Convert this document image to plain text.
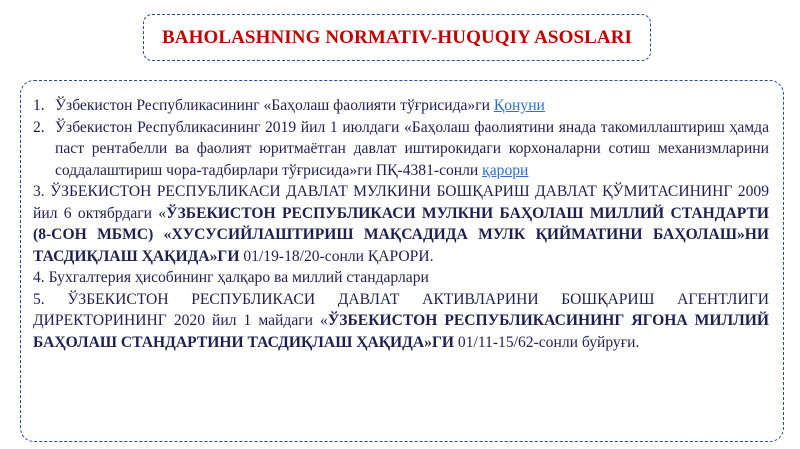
BAHOLASHNING NORMATIV-HUQUQIY ASOSLARI
1. Ўзбекистон Республикасининг «Баҳолаш фаолияти тўғрисида»ги Қонуни
2. Ўзбекистон Республикасининг 2019 йил 1 июлдаги «Баҳолаш фаолиятини янада такомиллаштириш ҳамда паст рентабелли ва фаолият юритмаётган давлат иштирокидаги корхоналарни сотиш механизмларини соддалаштириш чора-тадбирлари тўғрисида»ги ПҚ-4381-сонли қарори
3. ЎЗБЕКИСТОН РЕСПУБЛИКАСИ ДАВЛАТ МУЛКИНИ БОШҚАРИШ ДАВЛАТ ҚЎМИТАСИНИНГ 2009 йил 6 октябрдаги «ЎЗБЕКИСТОН РЕСПУБЛИКАСИ МУЛКНИ БАҲОЛАШ МИЛЛИЙ СТАНДАРТИ (8-СОН МБМС) «ХУСУСИЙЛАШТИРИШ МАҚСАДИДА МУЛК ҚИЙМАТИНИ БАҲОЛАШ»НИ ТАСДИҚЛАШ ҲАҚИДА»ГИ 01/19-18/20-сонли ҚАРОРИ.
4. Бухгалтерия ҳисобининг ҳалқаро ва миллий стандарлари
5. ЎЗБЕКИСТОН РЕСПУБЛИКАСИ ДАВЛАТ АКТИВЛАРИНИ БОШҚАРИШ АГЕНТЛИГИ ДИРЕКТОРИНИНГ 2020 йил 1 майдаги «ЎЗБЕКИСТОН РЕСПУБЛИКАСИНИНГ ЯГОНА МИЛЛИЙ БАҲОЛАШ СТАНДАРТИНИ ТАСДИҚЛАШ ҲАҚИДА»ГИ 01/11-15/62-сонли буйруғи.
